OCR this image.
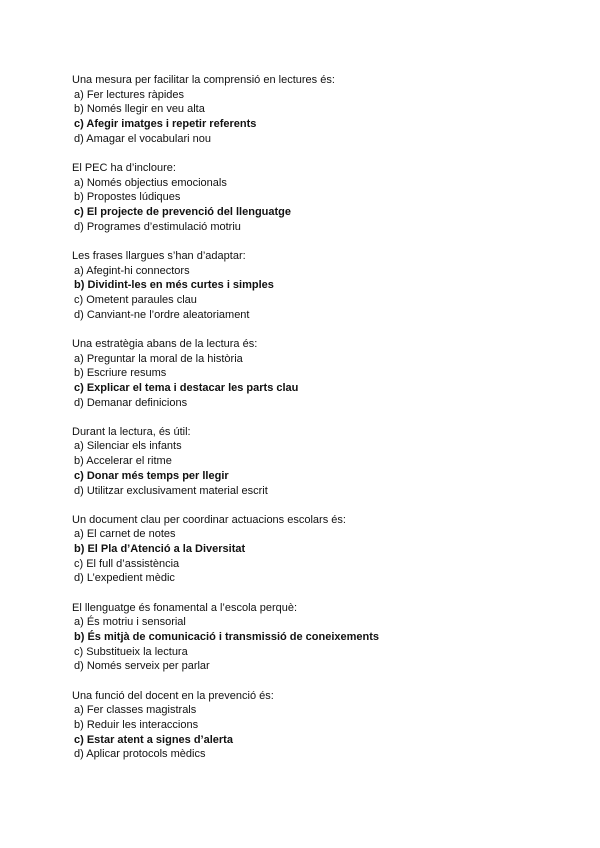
Una mesura per facilitar la comprensió en lectures és:
a) Fer lectures ràpides
b) Només llegir en veu alta
c) Afegir imatges i repetir referents
d) Amagar el vocabulari nou
El PEC ha d’incloure:
a) Només objectius emocionals
b) Propostes lúdiques
c) El projecte de prevenció del llenguatge
d) Programes d’estimulació motriu
Les frases llargues s’han d’adaptar:
a) Afegint-hi connectors
b) Dividint-les en més curtes i simples
c) Ometent paraules clau
d) Canviant-ne l’ordre aleatoriament
Una estratègia abans de la lectura és:
a) Preguntar la moral de la història
b) Escriure resums
c) Explicar el tema i destacar les parts clau
d) Demanar definicions
Durant la lectura, és útil:
a) Silenciar els infants
b) Accelerar el ritme
c) Donar més temps per llegir
d) Utilitzar exclusivament material escrit
Un document clau per coordinar actuacions escolars és:
a) El carnet de notes
b) El Pla d’Atenció a la Diversitat
c) El full d’assistència
d) L’expedient mèdic
El llenguatge és fonamental a l’escola perquè:
a) És motriu i sensorial
b) És mitjà de comunicació i transmissió de coneixements
c) Substitueix la lectura
d) Només serveix per parlar
Una funció del docent en la prevenció és:
a) Fer classes magistrals
b) Reduir les interaccions
c) Estar atent a signes d’alerta
d) Aplicar protocols mèdics
